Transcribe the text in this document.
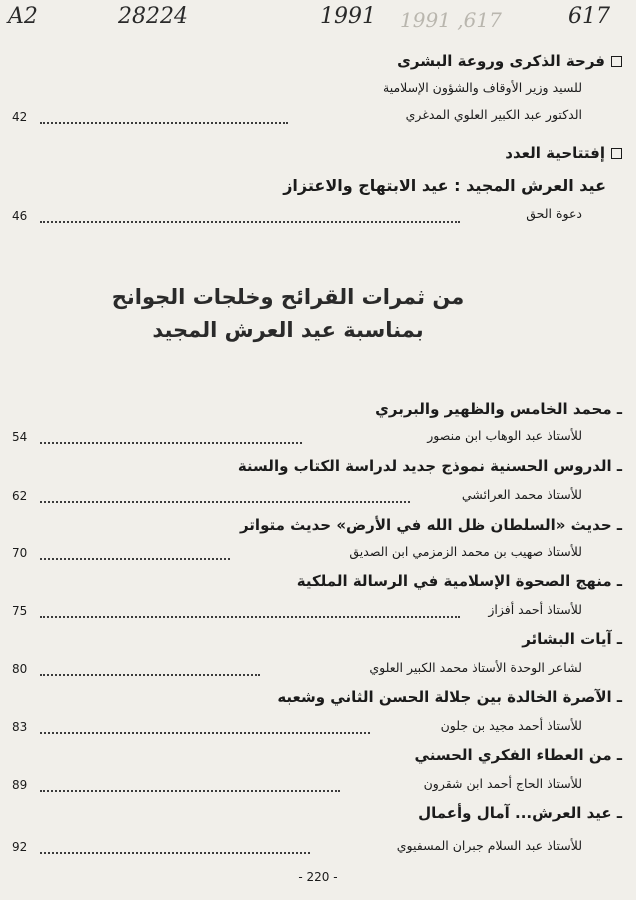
A2	28224	1991 1991 ,617	617
فرحة الذكرى وروعة البشرى
للسيد وزير الأوقاف والشؤون الإسلامية
الدكتور عبد الكبير العلوي المدغري
42
إفتتاحية العدد
عيد العرش المجيد : عيد الابتهاج والاعتزاز
دعوة الحق
46
من ثمرات القرائح وخلجات الجوانح
بمناسبة عيد العرش المجيد
ـ محمد الخامس والظهير والبربري
للأستاذ عبد الوهاب ابن منصور
54
ـ الدروس الحسنية نموذج جديد لدراسة الكتاب والسنة
للأستاذ محمد العرائشي
62
ـ حديث «السلطان ظل الله في الأرض» حديث متواتر
للأستاذ صهيب بن محمد الزمزمي ابن الصديق
70
ـ منهج الصحوة الإسلامية في الرسالة الملكية
للأستاذ أحمد أفزاز
75
ـ آيات البشائر
لشاعر الوحدة الأستاذ محمد الكبير العلوي
80
ـ الآصرة الخالدة بين جلالة الحسن الثاني وشعبه
للأستاذ أحمد مجيد بن جلون
83
ـ من العطاء الفكري الحسني
للأستاذ الحاج أحمد ابن شقرون
89
ـ عيد العرش... آمال وأعمال
للأستاذ عبد السلام جبران المسفيوي
92
- 220 -
